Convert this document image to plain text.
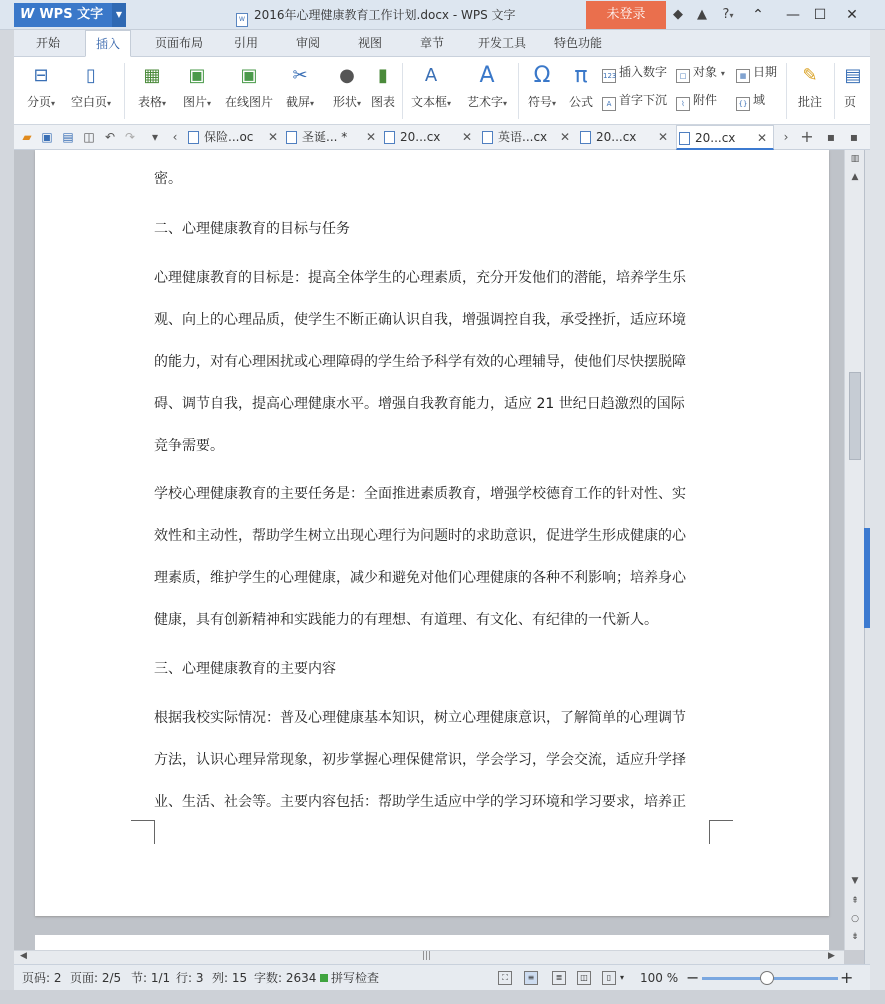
W WPS 文字	▼
W 2016年心理健康教育工作计划.docx - WPS 文字	未登录	◆	▲	?▾	⌃	— ☐	✕
开始	插入	页面布局	引用	审阅	视图	章节	开发工具	特色功能
⊟
分页▾
▯
空白页▾
▦
表格▾
▣
图片▾
▣
在线图片
✂
截屏▾
●
形状▾
▮
图表
A
文本框▾
A
艺术字▾
Ω
符号▾
π
公式
123 插入数字
A 首字下沉
□ 对象 ▾
⌇ 附件
▦ 日期
{} 域
✎
批注
▤
页
▰ ▣ ▤ ◫ ↶ ↷	▾	‹	保险...oc ✕	圣诞... * ✕	20...cx ✕	英语...cx ✕	20...cx ✕	20...cx ✕	› +	▪	▪
密。
二、心理健康教育的目标与任务
心理健康教育的目标是：提高全体学生的心理素质，充分开发他们的潜能，培养学生乐
观、向上的心理品质，使学生不断正确认识自我，增强调控自我，承受挫折，适应环境
的能力，对有心理困扰或心理障碍的学生给予科学有效的心理辅导，使他们尽快摆脱障
碍、调节自我，提高心理健康水平。增强自我教育能力，适应 21 世纪日趋激烈的国际
竞争需要。
学校心理健康教育的主要任务是：全面推进素质教育，增强学校德育工作的针对性、实
效性和主动性，帮助学生树立出现心理行为问题时的求助意识，促进学生形成健康的心
理素质，维护学生的心理健康，减少和避免对他们心理健康的各种不利影响；培养身心
健康，具有创新精神和实践能力的有理想、有道理、有文化、有纪律的一代新人。
三、心理健康教育的主要内容
根据我校实际情况：普及心理健康基本知识，树立心理健康意识，了解简单的心理调节
方法，认识心理异常现象，初步掌握心理保健常识，学会学习，学会交流，适应升学择
业、生活、社会等。主要内容包括：帮助学生适应中学的学习环境和学习要求，培养正
▥
▲
▼
⇞
○
⇟
◀	|||	▶
页码: 2 页面: 2/5 节: 1/1 行: 3 列: 15 字数: 2634	拼写检查	⛶	≡	≣	◫	▯	▾ 100 % −	+
